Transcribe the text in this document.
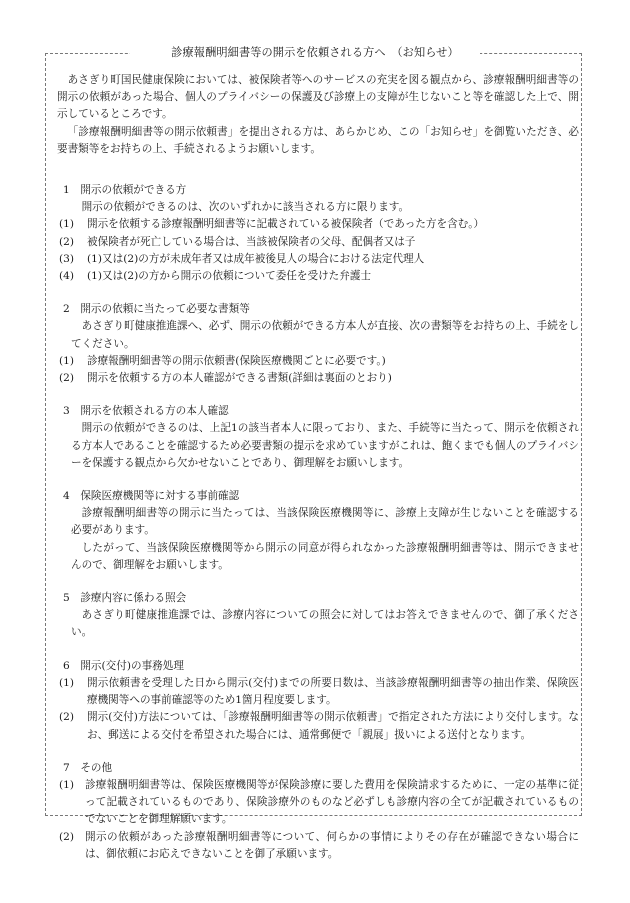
診療報酬明細書等の開示を依頼される方へ　（お知らせ）

あさぎり町国民健康保険においては、被保険者等へのサービスの充実を図る観点から、診療報酬明細書等の開示の依頼があった場合、個人のプライバシーの保護及び診療上の支障が生じないこと等を確認した上で、開示しているところです。

「診療報酬明細書等の開示依頼書」を提出される方は、あらかじめ、この「お知らせ」を御覧いただき、必要書類等をお持ちの上、手続されるようお願いします。

1　開示の依頼ができる方

開示の依頼ができるのは、次のいずれかに該当される方に限ります。

(1)	開示を依頼する診療報酬明細書等に記載されている被保険者（であった方を含む。）
(2)	被保険者が死亡している場合は、当該被保険者の父母、配偶者又は子
(3)	(1)又は(2)の方が未成年者又は成年被後見人の場合における法定代理人
(4)	(1)又は(2)の方から開示の依頼について委任を受けた弁護士

2　開示の依頼に当たって必要な書類等

あさぎり町健康推進課へ、必ず、開示の依頼ができる方本人が直接、次の書類等をお持ちの上、手続をしてください。

(1)	診療報酬明細書等の開示依頼書(保険医療機関ごとに必要です。)
(2)	開示を依頼する方の本人確認ができる書類(詳細は裏面のとおり)

3　開示を依頼される方の本人確認

開示の依頼ができるのは、上記1の該当者本人に限っており、また、手続等に当たって、開示を依頼される方本人であることを確認するため必要書類の提示を求めていますがこれは、飽くまでも個人のプライバシーを保護する観点から欠かせないことであり、御理解をお願いします。

4　保険医療機関等に対する事前確認

診療報酬明細書等の開示に当たっては、当該保険医療機関等に、診療上支障が生じないことを確認する必要があります。

したがって、当該保険医療機関等から開示の同意が得られなかった診療報酬明細書等は、開示できませんので、御理解をお願いします。

5　診療内容に係わる照会

あさぎり町健康推進課では、診療内容についての照会に対してはお答えできませんので、御了承ください。

6　開示(交付)の事務処理

(1)	開示依頼書を受理した日から開示(交付)までの所要日数は、当該診療報酬明細書等の抽出作業、保険医療機関等への事前確認等のため1箇月程度要します。
(2)	開示(交付)方法については、「診療報酬明細書等の開示依頼書」で指定された方法により交付します。なお、郵送による交付を希望された場合には、通常郵便で「親展」扱いによる送付となります。

7　その他

(1)	診療報酬明細書等は、保険医療機関等が保険診療に要した費用を保険請求するために、一定の基準に従って記載されているものであり、保険診療外のものなど必ずしも診療内容の全てが記載されているものでないことを御理解願います。
(2)	開示の依頼があった診療報酬明細書等について、何らかの事情によりその存在が確認できない場合には、御依頼にお応えできないことを御了承願います。
